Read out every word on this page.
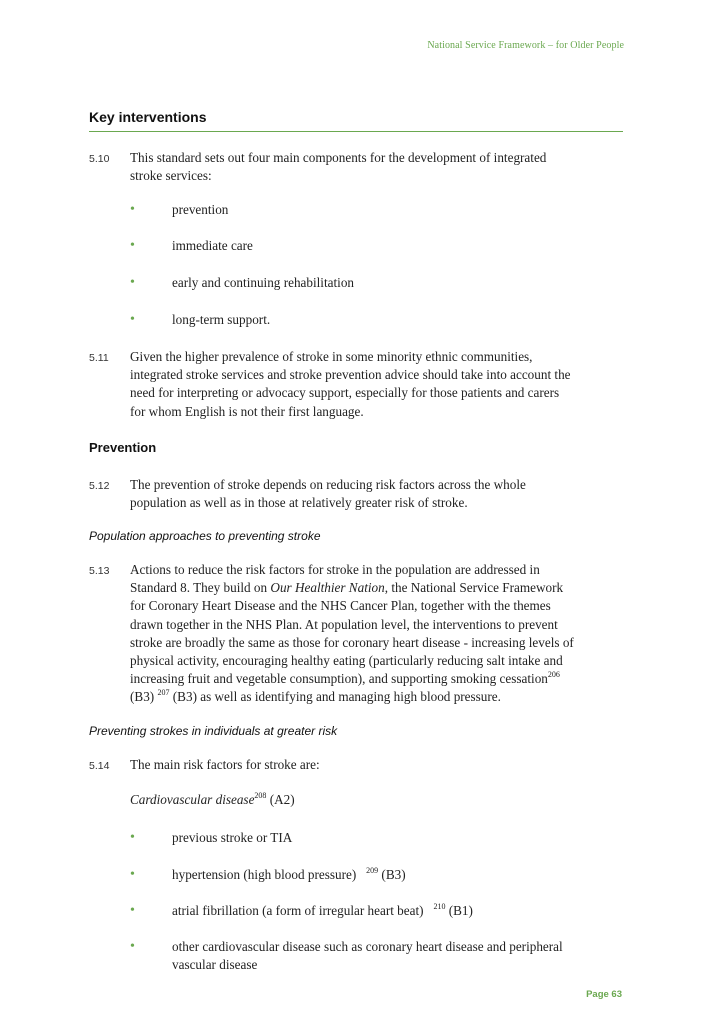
National Service Framework – for Older People
Key interventions
5.10 This standard sets out four main components for the development of integrated
stroke services:
•	prevention
•	immediate care
•	early and continuing rehabilitation
•	long-term support.
5.11 Given the higher prevalence of stroke in some minority ethnic communities,
integrated stroke services and stroke prevention advice should take into account the
need for interpreting or advocacy support, especially for those patients and carers
for whom English is not their first language.
Prevention
5.12 The prevention of stroke depends on reducing risk factors across the whole
population as well as in those at relatively greater risk of stroke.
Population approaches to preventing stroke
5.13 Actions to reduce the risk factors for stroke in the population are addressed in
Standard 8. They build on Our Healthier Nation, the National Service Framework
for Coronary Heart Disease and the NHS Cancer Plan, together with the themes
drawn together in the NHS Plan. At population level, the interventions to prevent
stroke are broadly the same as those for coronary heart disease - increasing levels of
physical activity, encouraging healthy eating (particularly reducing salt intake and
increasing fruit and vegetable consumption), and supporting smoking cessation$^{206}$
(B3) $^{207}$ (B3) as well as identifying and managing high blood pressure.
Preventing strokes in individuals at greater risk
5.14 The main risk factors for stroke are:
Cardiovascular disease$^{208}$ (A2)
•	previous stroke or TIA
•	hypertension (high blood pressure) $^{209}$ (B3)
•	atrial fibrillation (a form of irregular heart beat) $^{210}$ (B1)
•	other cardiovascular disease such as coronary heart disease and peripheral
vascular disease
Page 63
